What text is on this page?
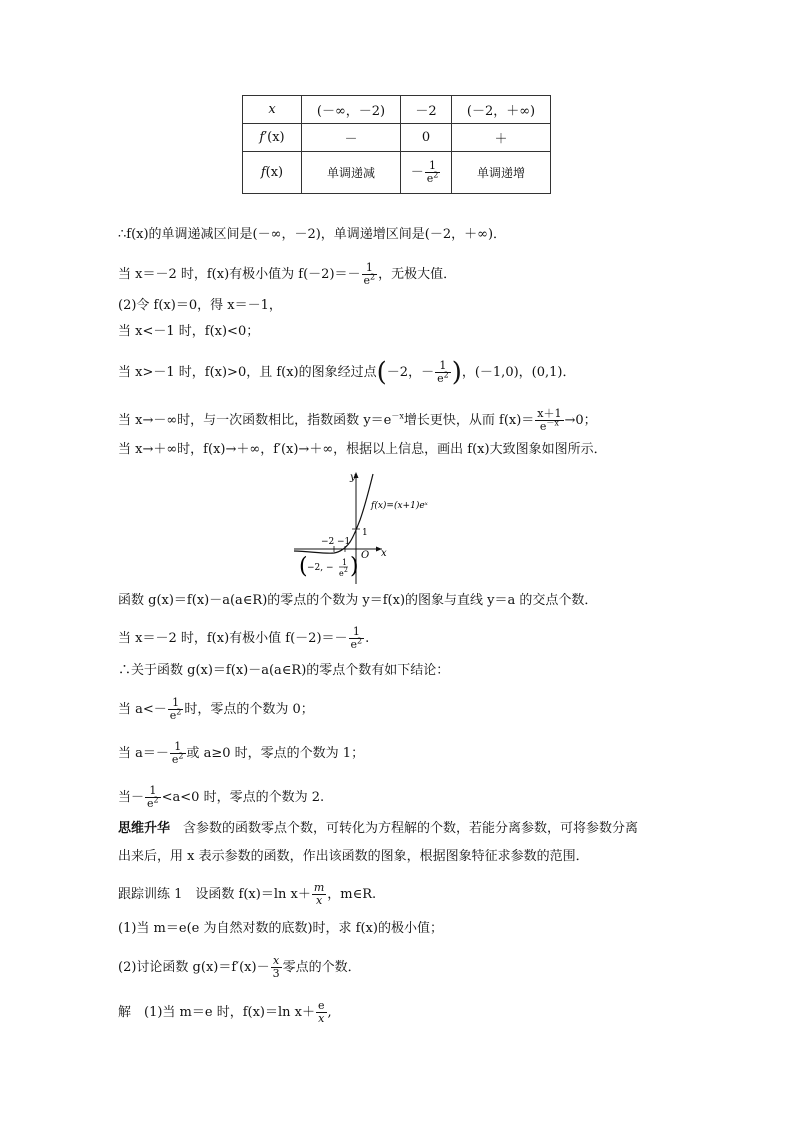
x	(－∞，－2)	－2	(－2，＋∞)
f′(x)	－	0	＋
f(x)	单调递减	－ $\frac{1}{e^2}$	单调递增
∴f(x)的单调递减区间是(－∞，－2)，单调递增区间是(－2，＋∞)．
当 x＝－2 时，f(x)有极小值为 $f(-2)=- \frac{1}{e^2}$ ，无极大值．
(2)令 f(x)＝0，得 x＝－1，
当 x<－1 时，f(x)<0；
当 x>－1 时，f(x)>0，且 f(x)的图象经过点(－2，－ $\frac{1}{e^2}$ )，(－1,0)，(0,1)．
当 x→－∞时，与一次函数相比，指数函数 $y=e^{-x}$增长更快，从而 $f(x)= \frac{x+1}{e^{-x}} \to 0$；
当 x→＋∞时，f(x)→＋∞，f′(x)→＋∞，根据以上信息，画出 f(x)大致图象如图所示．
y
x
O
1
−2 −1
f(x)=(x+1)eˣ
( −2, −
1
e 2 )
函数 g(x)＝f(x)－a(a∈R)的零点的个数为 y＝f(x)的图象与直线 y＝a 的交点个数．
当 x＝－2 时，f(x)有极小值 $f(-2)=- \frac{1}{e^2}$ .
∴关于函数 g(x)＝f(x)－a(a∈R)的零点个数有如下结论：
当 $a<- \frac{1}{e^2}$ 时，零点的个数为 0；
当 $a=- \frac{1}{e^2}$ 或 a≥0 时，零点的个数为 1；
当－ $\frac{1}{e^2} <a<0$ 时，零点的个数为 2.
思维升华　 含参数的函数零点个数，可转化为方程解的个数，若能分离参数，可将参数分离
出来后，用 x 表示参数的函数，作出该函数的图象，根据图象特征求参数的范围．
跟踪训练 1　设函数 f(x)＝ln $x+ \frac{m}{x}$ ，m∈R.
(1)当 m＝e(e 为自然对数的底数)时，求 f(x)的极小值；
(2)讨论函数 $g(x)=f'(x)- \frac{x}{3}$ 零点的个数．
解　(1)当 m＝e 时，f(x)＝ln $x+ \frac{e}{x}$ ,
